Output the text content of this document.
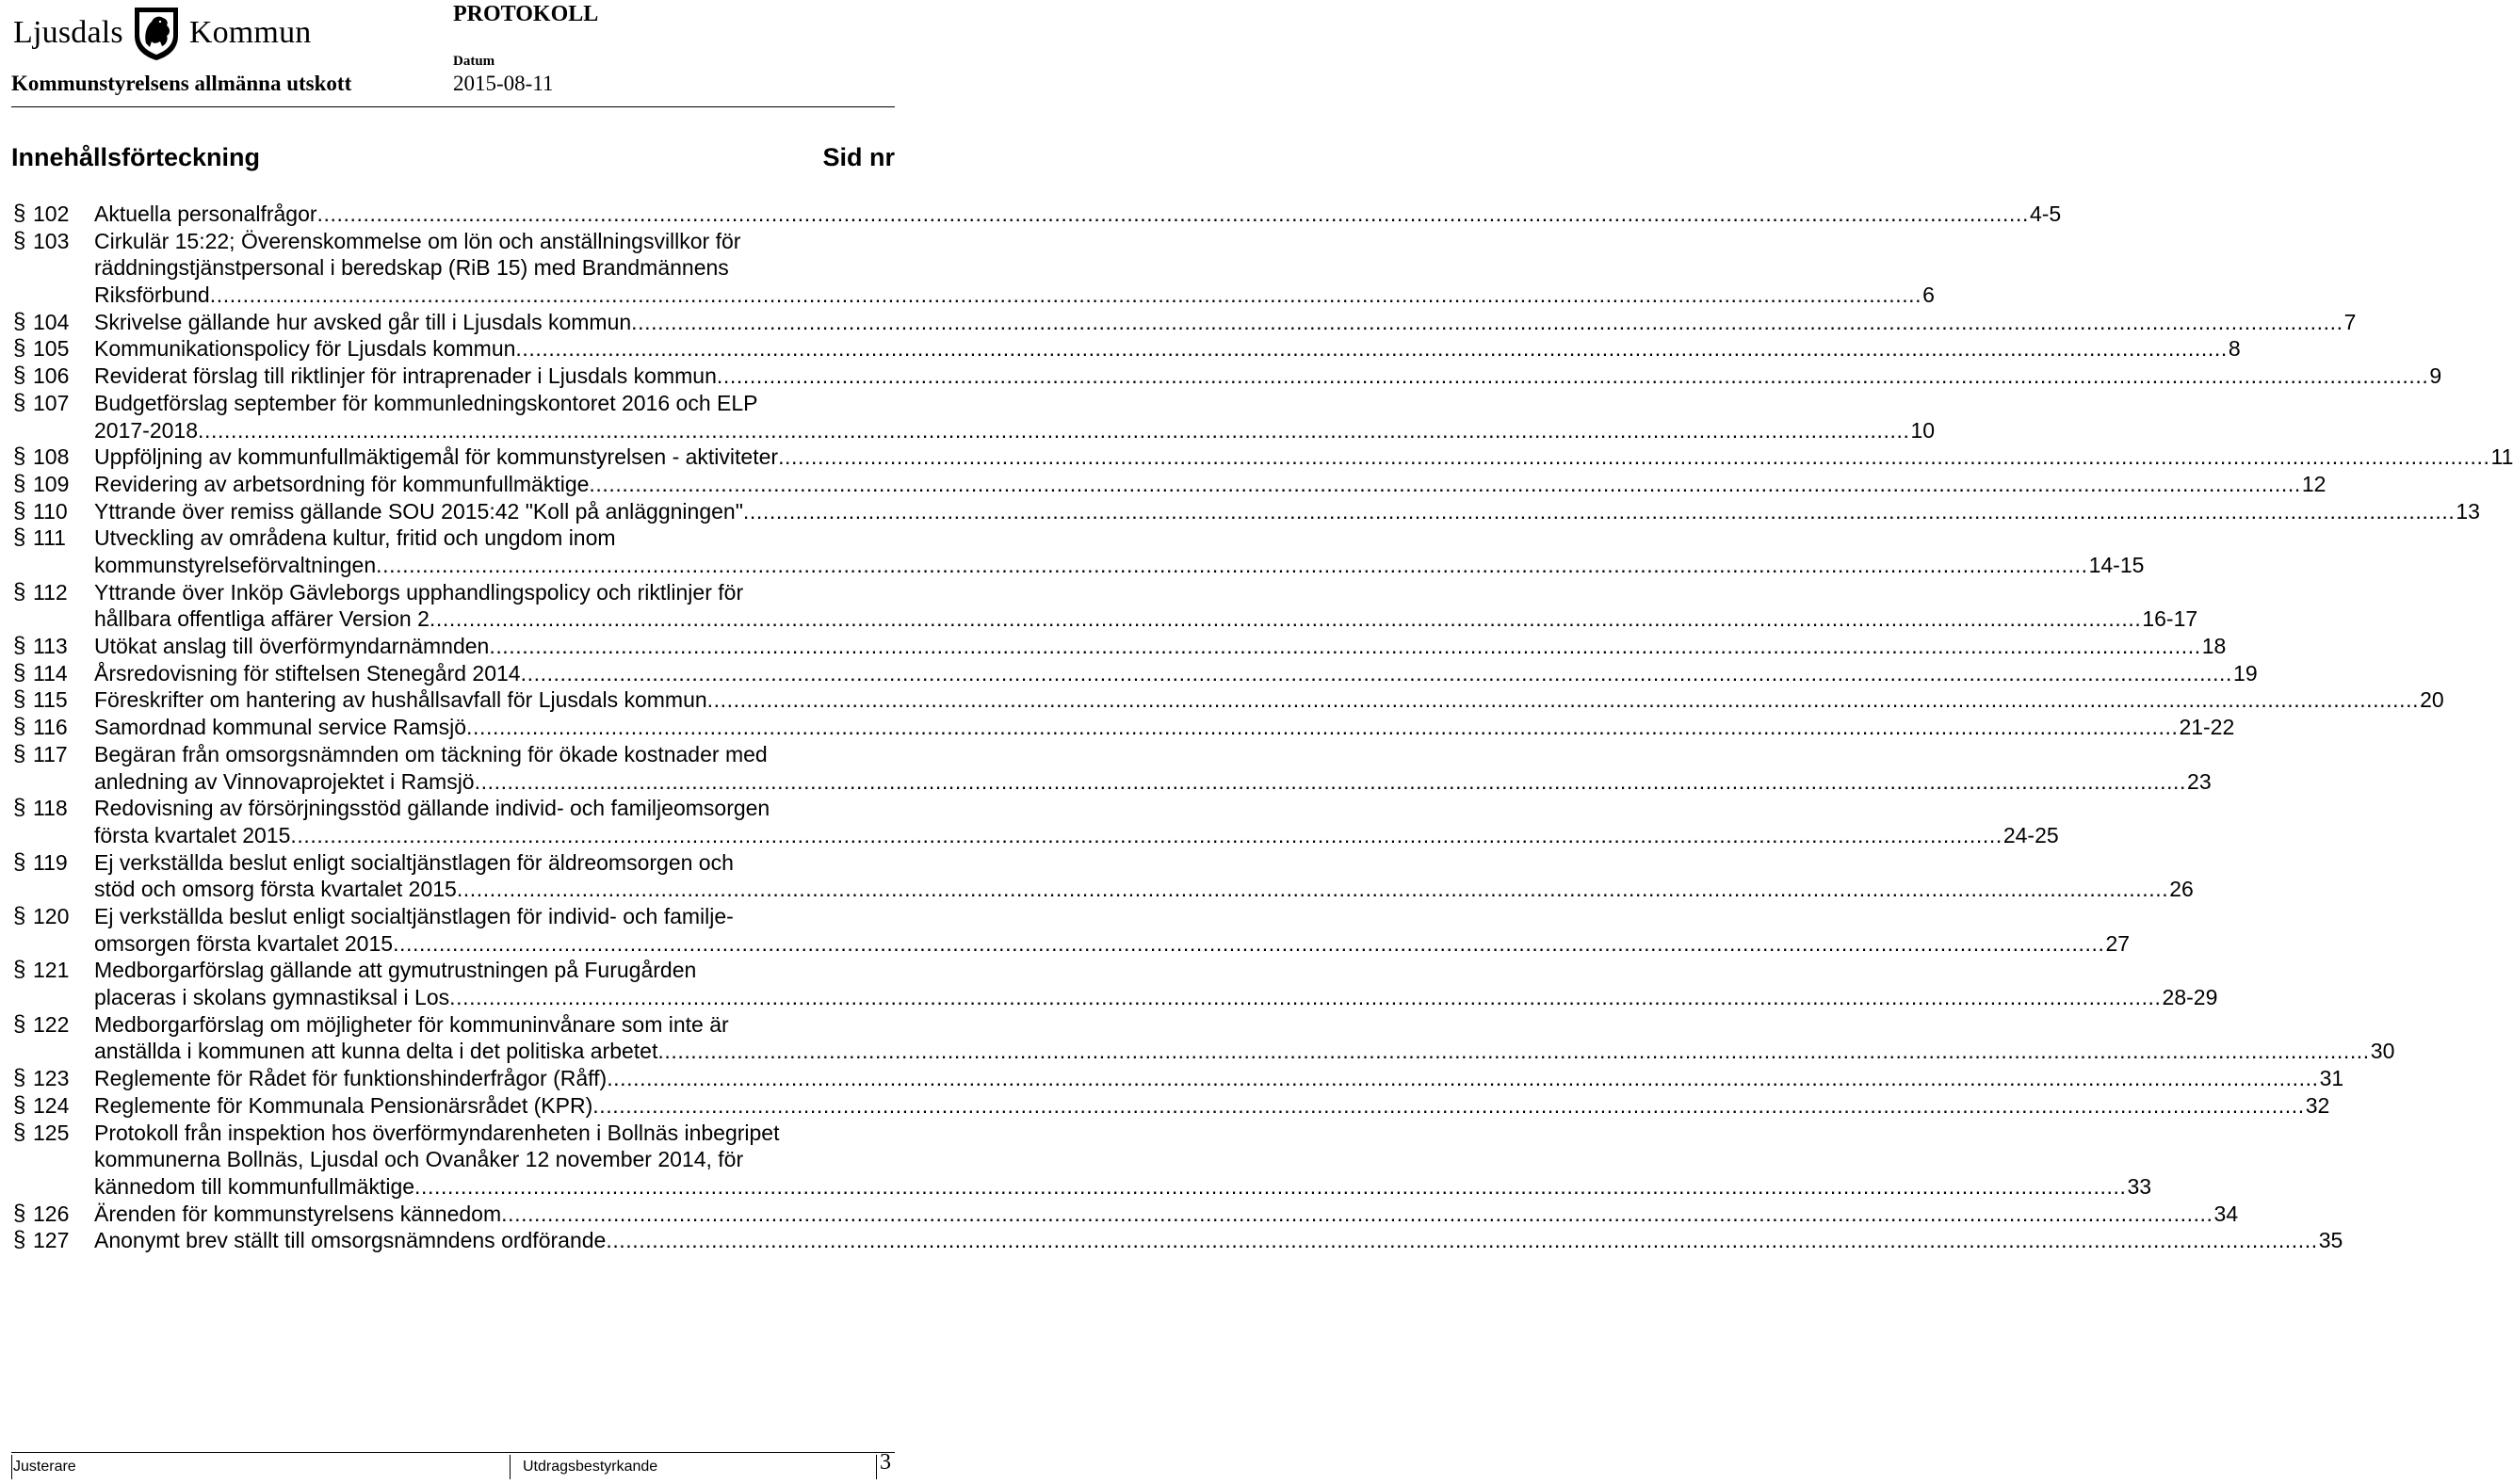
Ljusdals Kommun
PROTOKOLL
Kommunstyrelsens allmänna utskott
Datum
2015-08-11
Innehållsförteckning	Sid nr
§ 102 Aktuella personalfrågor .................................................................................................................................................................................................................................................................... 4-5
§ 103 Cirkulär 15:22; Överenskommelse om lön och anställningsvillkor för
räddningstjänstpersonal i beredskap (RiB 15) med Brandmännens
Riksförbund .................................................................................................................................................................................................................................................................... 6
§ 104 Skrivelse gällande hur avsked går till i Ljusdals kommun .................................................................................................................................................................................................................................................................... 7
§ 105 Kommunikationspolicy för Ljusdals kommun .................................................................................................................................................................................................................................................................... 8
§ 106 Reviderat förslag till riktlinjer för intraprenader i Ljusdals kommun .................................................................................................................................................................................................................................................................... 9
§ 107 Budgetförslag september för kommunledningskontoret 2016 och ELP
2017-2018 .................................................................................................................................................................................................................................................................... 10
§ 108 Uppföljning av kommunfullmäktigemål för kommunstyrelsen - aktiviteter .................................................................................................................................................................................................................................................................... 11
§ 109 Revidering av arbetsordning för kommunfullmäktige .................................................................................................................................................................................................................................................................... 12
§ 110 Yttrande över remiss gällande SOU 2015:42 "Koll på anläggningen" .................................................................................................................................................................................................................................................................... 13
§ 111 Utveckling av områdena kultur, fritid och ungdom inom
kommunstyrelseförvaltningen .................................................................................................................................................................................................................................................................... 14-15
§ 112 Yttrande över Inköp Gävleborgs upphandlingspolicy och riktlinjer för
hållbara offentliga affärer Version 2 .................................................................................................................................................................................................................................................................... 16-17
§ 113 Utökat anslag till överförmyndarnämnden .................................................................................................................................................................................................................................................................... 18
§ 114 Årsredovisning för stiftelsen Stenegård 2014 .................................................................................................................................................................................................................................................................... 19
§ 115 Föreskrifter om hantering av hushållsavfall för Ljusdals kommun .................................................................................................................................................................................................................................................................... 20
§ 116 Samordnad kommunal service Ramsjö .................................................................................................................................................................................................................................................................... 21-22
§ 117 Begäran från omsorgsnämnden om täckning för ökade kostnader med
anledning av Vinnovaprojektet i Ramsjö .................................................................................................................................................................................................................................................................... 23
§ 118 Redovisning av försörjningsstöd gällande individ- och familjeomsorgen
första kvartalet 2015 .................................................................................................................................................................................................................................................................... 24-25
§ 119 Ej verkställda beslut enligt socialtjänstlagen för äldreomsorgen och
stöd och omsorg första kvartalet 2015 .................................................................................................................................................................................................................................................................... 26
§ 120 Ej verkställda beslut enligt socialtjänstlagen för individ- och familje-
omsorgen första kvartalet 2015 .................................................................................................................................................................................................................................................................... 27
§ 121 Medborgarförslag gällande att gymutrustningen på Furugården
placeras i skolans gymnastiksal i Los .................................................................................................................................................................................................................................................................... 28-29
§ 122 Medborgarförslag om möjligheter för kommuninvånare som inte är
anställda i kommunen att kunna delta i det politiska arbetet .................................................................................................................................................................................................................................................................... 30
§ 123 Reglemente för Rådet för funktionshinderfrågor (Råff) .................................................................................................................................................................................................................................................................... 31
§ 124 Reglemente för Kommunala Pensionärsrådet (KPR) .................................................................................................................................................................................................................................................................... 32
§ 125 Protokoll från inspektion hos överförmyndarenheten i Bollnäs inbegripet
kommunerna Bollnäs, Ljusdal och Ovanåker 12 november 2014, för
kännedom till kommunfullmäktige .................................................................................................................................................................................................................................................................... 33
§ 126 Ärenden för kommunstyrelsens kännedom .................................................................................................................................................................................................................................................................... 34
§ 127 Anonymt brev ställt till omsorgsnämndens ordförande .................................................................................................................................................................................................................................................................... 35
Justerare	Utdragsbestyrkande	3
